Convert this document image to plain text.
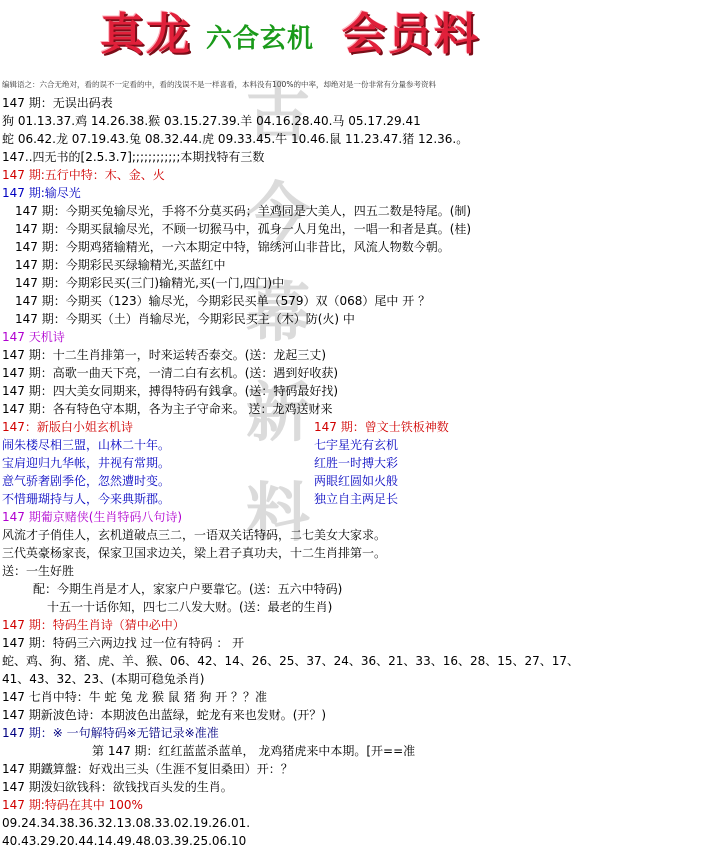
真龙 六合玄机 会员料
编辑语之：六合无绝对，看的误不一定看的中，看的浅误不是一样喜看，本料没有100%的中率，却绝对是一份非常有分量参考资料
古今幕新料
147 期：无误出码表
狗 01.13.37.鸡 14.26.38.猴 03.15.27.39.羊 04.16.28.40.马 05.17.29.41
蛇 06.42.龙 07.19.43.兔 08.32.44.虎 09.33.45.牛 10.46.鼠 11.23.47.猪 12.36.。
147..四无书的[2.5.3.7];;;;;;;;;;;;本期找特有三数
147 期:五行中特：木、金、火
147 期:输尽光
147 期：今期买兔输尽光，手将不分莫买码；羊鸡同是大美人，四五二数是特尾。(制)
147 期：今期买鼠输尽光，不顾一切猴马中，孤身一人月兔出，一唱一和者是真。(桂)
147 期：今期鸡猪输精光，一六本期定中特，锦绣河山非昔比，风流人物数今朝。
147 期：今期彩民买绿输精光,买蓝红中
147 期：今期彩民买(三门)输精光,买(一门,四门)中
147 期：今期买（123）输尽光，今期彩民买单（579）双（068）尾中 开 ？
147 期：今期买（土）肖输尽光，今期彩民买主（木）防(火) 中
147 天机诗
147 期：十二生肖排第一，时来运转否泰交。(送：龙起三丈)
147 期：高歌一曲天下亮，一清二白有玄机。(送：遇到好收获)
147 期：四大美女同期来，搏得特码有銭拿。(送：特码最好找)
147 期：各有特色守本期，各为主子守命来。 送：龙鸡送财来
147：新版白小姐玄机诗	147 期：曾文士铁板神数
闹朱楼尽相三盟，山林二十年。	七宇星光有玄机
宝肩迎归九华帐，井视有常期。	红胜一时搏大彩
意气骄奢剧季伦，忽然遭时变。	两眼红圆如火般
不惜珊瑚持与人，今来典斯郡。	独立自主两足长
147 期葡京赌侠(生肖特码八句诗)
风流才子俏佳人，玄机道破点三二，一语双关话特码，二七美女大家求。
三代英豪杨家丧，保家卫国求边关，梁上君子真功夫，十二生肖排第一。
送：一生好胜
配：今期生肖是才人，家家户户要靠它。(送：五六中特码)
十五一十话你知，四七二八发大财。(送：最老的生肖)
147 期：特码生肖诗（猜中必中）
147 期：特码三六两边找 过一位有特码 ： 开
蛇、鸡、狗、猪、虎、羊、猴、06、42、14、26、25、37、24、36、21、33、16、28、15、27、17、
41、43、32、23、(本期可稳兔杀肖)
147 七肖中特：牛 蛇 兔 龙 猴 鼠 猪 狗 开 ？？准
147 期新波色诗：本期波色出蓝绿，蛇龙有来也发财。(开？)
147 期：※ 一句解特码※无错记录※准准
第 147 期：红红蓝蓝杀蓝单， 龙鸡猪虎来中本期。[开==准
147 期鐵算盤：好戏出三头（生涯不复旧桑田）开：？
147 期泼妇欲钱科：欲钱找百头发的生肖。
147 期:特码在其中 100%
09.24.34.38.36.32.13.08.33.02.19.26.01.
40.43.29.20.44.14.49.48.03.39.25.06.10
